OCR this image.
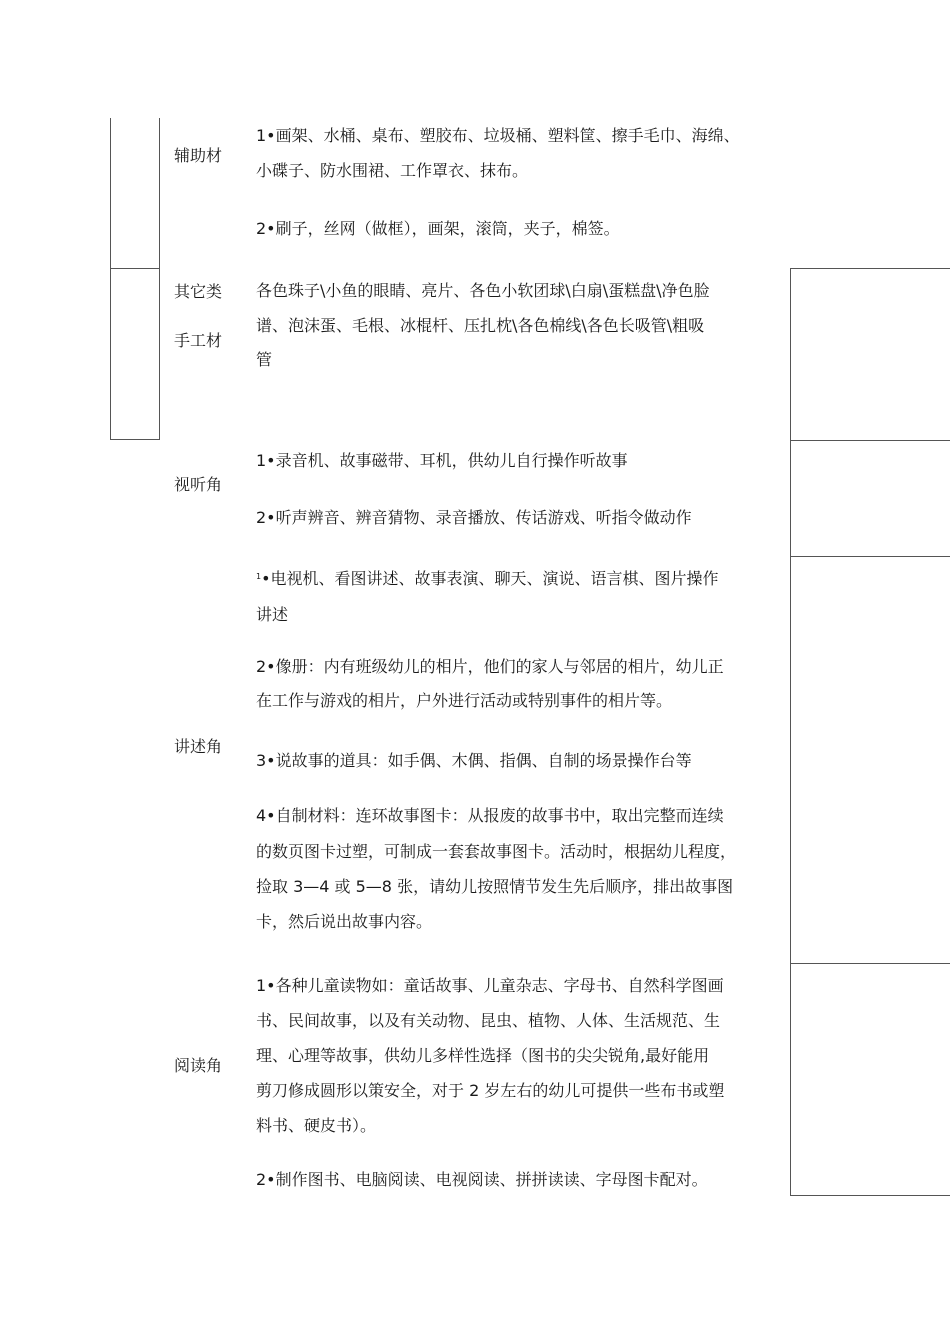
辅助材
1•画架、水桶、桌布、塑胶布、垃圾桶、塑料筐、擦手毛巾、海绵、
小碟子、防水围裙、工作罩衣、抹布。
2•刷子，丝网（做框），画架，滚筒，夹子，棉签。
其它类
手工材
各色珠子\小鱼的眼睛、亮片、各色小软团球\白扇\蛋糕盘\净色脸
谱、泡沫蛋、毛根、冰棍杆、压扎枕\各色棉线\各色长吸管\粗吸
管
视听角
1•录音机、故事磁带、耳机，供幼儿自行操作听故事
2•听声辨音、辨音猜物、录音播放、传话游戏、听指令做动作
讲述角
$^1$•电视机、看图讲述、故事表演、聊天、演说、语言棋、图片操作
讲述
2•像册：内有班级幼儿的相片，他们的家人与邻居的相片，幼儿正
在工作与游戏的相片，户外进行活动或特别事件的相片等。
3•说故事的道具：如手偶、木偶、指偶、自制的场景操作台等
4•自制材料：连环故事图卡：从报废的故事书中，取出完整而连续
的数页图卡过塑，可制成一套套故事图卡。活动时，根据幼儿程度，
捡取 3—4 或 5—8 张，请幼儿按照情节发生先后顺序，排出故事图
卡，然后说出故事内容。
阅读角
1•各种儿童读物如：童话故事、儿童杂志、字母书、自然科学图画
书、民间故事，以及有关动物、昆虫、植物、人体、生活规范、生
理、心理等故事，供幼儿多样性选择（图书的尖尖锐角,最好能用
剪刀修成圆形以策安全，对于 2 岁左右的幼儿可提供一些布书或塑
料书、硬皮书）。
2•制作图书、电脑阅读、电视阅读、拼拼读读、字母图卡配对。
